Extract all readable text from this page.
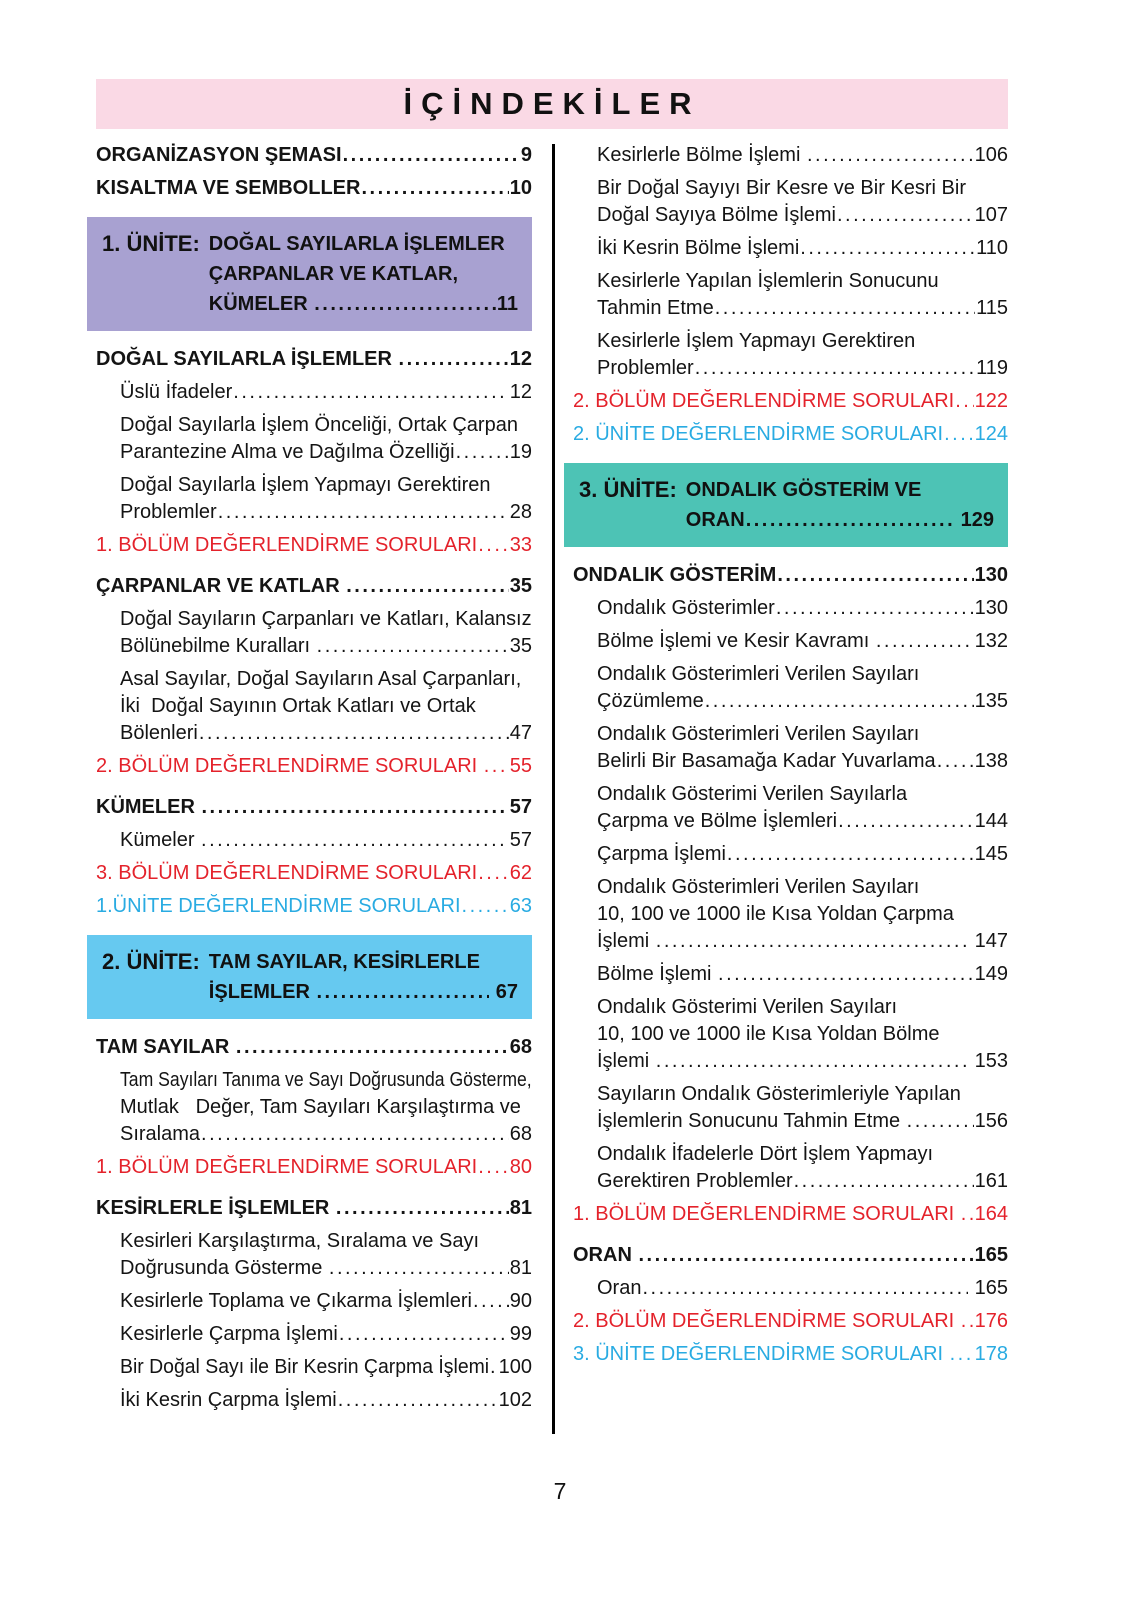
İÇİNDEKİLER
ORGANİZASYON ŞEMASI .....	9
KISALTMA VE SEMBOLLER .....	10
1. ÜNİTE: DOĞAL SAYILARLA İŞLEMLER
ÇARPANLAR VE KATLAR,
KÜMELER .....	11
DOĞAL SAYILARLA İŞLEMLER .....	12
Üslü İfadeler .....	12
Doğal Sayılarla İşlem Önceliği, Ortak Çarpan
Parantezine Alma ve Dağılma Özelliği .....	19
Doğal Sayılarla İşlem Yapmayı Gerektiren
Problemler .....	28
1. BÖLÜM DEĞERLENDİRME SORULARI ..... 33
ÇARPANLAR VE KATLAR .....	35
Doğal Sayıların Çarpanları ve Katları, Kalansız
Bölünebilme Kuralları .....	35
Asal Sayılar, Doğal Sayıların Asal Çarpanları,
İki  Doğal Sayının Ortak Katları ve Ortak
Bölenleri .....	47
2. BÖLÜM DEĞERLENDİRME SORULARI ..... 55
KÜMELER .....	57
Kümeler .....	57
3. BÖLÜM DEĞERLENDİRME SORULARI ..... 62
1.ÜNİTE DEĞERLENDİRME SORULARI ..... 63
2. ÜNİTE: TAM SAYILAR, KESİRLERLE
İŞLEMLER .....	67
TAM SAYILAR .....	68
Tam Sayıları Tanıma ve Sayı Doğrusunda Gösterme,
Mutlak   Değer, Tam Sayıları Karşılaştırma ve
Sıralama .....	68
1. BÖLÜM DEĞERLENDİRME SORULARI ..... 80
KESİRLERLE İŞLEMLER .....	81
Kesirleri Karşılaştırma, Sıralama ve Sayı
Doğrusunda Gösterme .....	81
Kesirlerle Toplama ve Çıkarma İşlemleri ..... 90
Kesirlerle Çarpma İşlemi .....	99
Bir Doğal Sayı ile Bir Kesrin Çarpma İşlemi ..... 100
İki Kesrin Çarpma İşlemi .....	102
Kesirlerle Bölme İşlemi .....	106
Bir Doğal Sayıyı Bir Kesre ve Bir Kesri Bir
Doğal Sayıya Bölme İşlemi .....	107
İki Kesrin Bölme İşlemi .....	110
Kesirlerle Yapılan İşlemlerin Sonucunu
Tahmin Etme .....	115
Kesirlerle İşlem Yapmayı Gerektiren
Problemler .....	119
2. BÖLÜM DEĞERLENDİRME SORULARI ..... 122
2. ÜNİTE DEĞERLENDİRME SORULARI ..... 124
3. ÜNİTE: ONDALIK GÖSTERİM VE
ORAN .....	129
ONDALIK GÖSTERİM .....	130
Ondalık Gösterimler .....	130
Bölme İşlemi ve Kesir Kavramı .....	132
Ondalık Gösterimleri Verilen Sayıları
Çözümleme .....	135
Ondalık Gösterimleri Verilen Sayıları
Belirli Bir Basamağa Kadar Yuvarlama ..... 138
Ondalık Gösterimi Verilen Sayılarla
Çarpma ve Bölme İşlemleri .....	144
Çarpma İşlemi .....	145
Ondalık Gösterimleri Verilen Sayıları
10, 100 ve 1000 ile Kısa Yoldan Çarpma
İşlemi .....	147
Bölme İşlemi .....	149
Ondalık Gösterimi Verilen Sayıları
10, 100 ve 1000 ile Kısa Yoldan Bölme
İşlemi .....	153
Sayıların Ondalık Gösterimleriyle Yapılan
İşlemlerin Sonucunu Tahmin Etme .....	156
Ondalık İfadelerle Dört İşlem Yapmayı
Gerektiren Problemler .....	161
1. BÖLÜM DEĞERLENDİRME SORULARI ..... 164
ORAN .....	165
Oran .....	165
2. BÖLÜM DEĞERLENDİRME SORULARI ..... 176
3. ÜNİTE DEĞERLENDİRME SORULARI ..... 178
7
